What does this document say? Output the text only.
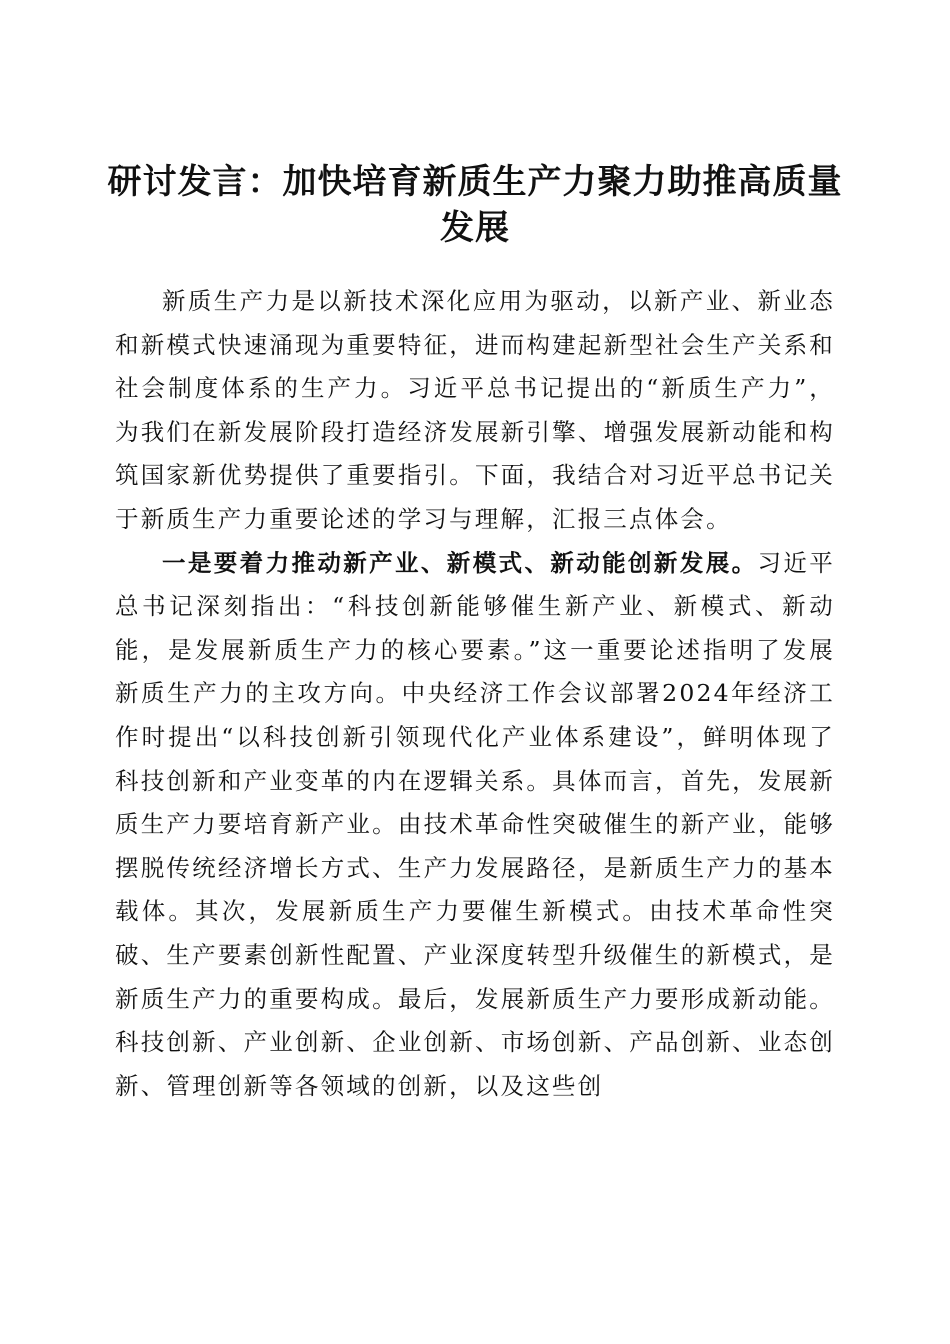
研讨发言：加快培育新质生产力聚力助推高质量发展

新质生产力是以新技术深化应用为驱动，以新产业、新业态和新模式快速涌现为重要特征，进而构建起新型社会生产关系和社会制度体系的生产力。习近平总书记提出的“新质生产力”，为我们在新发展阶段打造经济发展新引擎、增强发展新动能和构筑国家新优势提供了重要指引。下面，我结合对习近平总书记关于新质生产力重要论述的学习与理解，汇报三点体会。

一是要着力推动新产业、新模式、新动能创新发展。习近平总书记深刻指出：“科技创新能够催生新产业、新模式、新动能，是发展新质生产力的核心要素。”这一重要论述指明了发展新质生产力的主攻方向。中央经济工作会议部署2024年经济工作时提出“以科技创新引领现代化产业体系建设”，鲜明体现了科技创新和产业变革的内在逻辑关系。具体而言，首先，发展新质生产力要培育新产业。由技术革命性突破催生的新产业，能够摆脱传统经济增长方式、生产力发展路径，是新质生产力的基本载体。其次，发展新质生产力要催生新模式。由技术革命性突破、生产要素创新性配置、产业深度转型升级催生的新模式，是新质生产力的重要构成。最后，发展新质生产力要形成新动能。科技创新、产业创新、企业创新、市场创新、产品创新、业态创新、管理创新等各领域的创新，以及这些创
